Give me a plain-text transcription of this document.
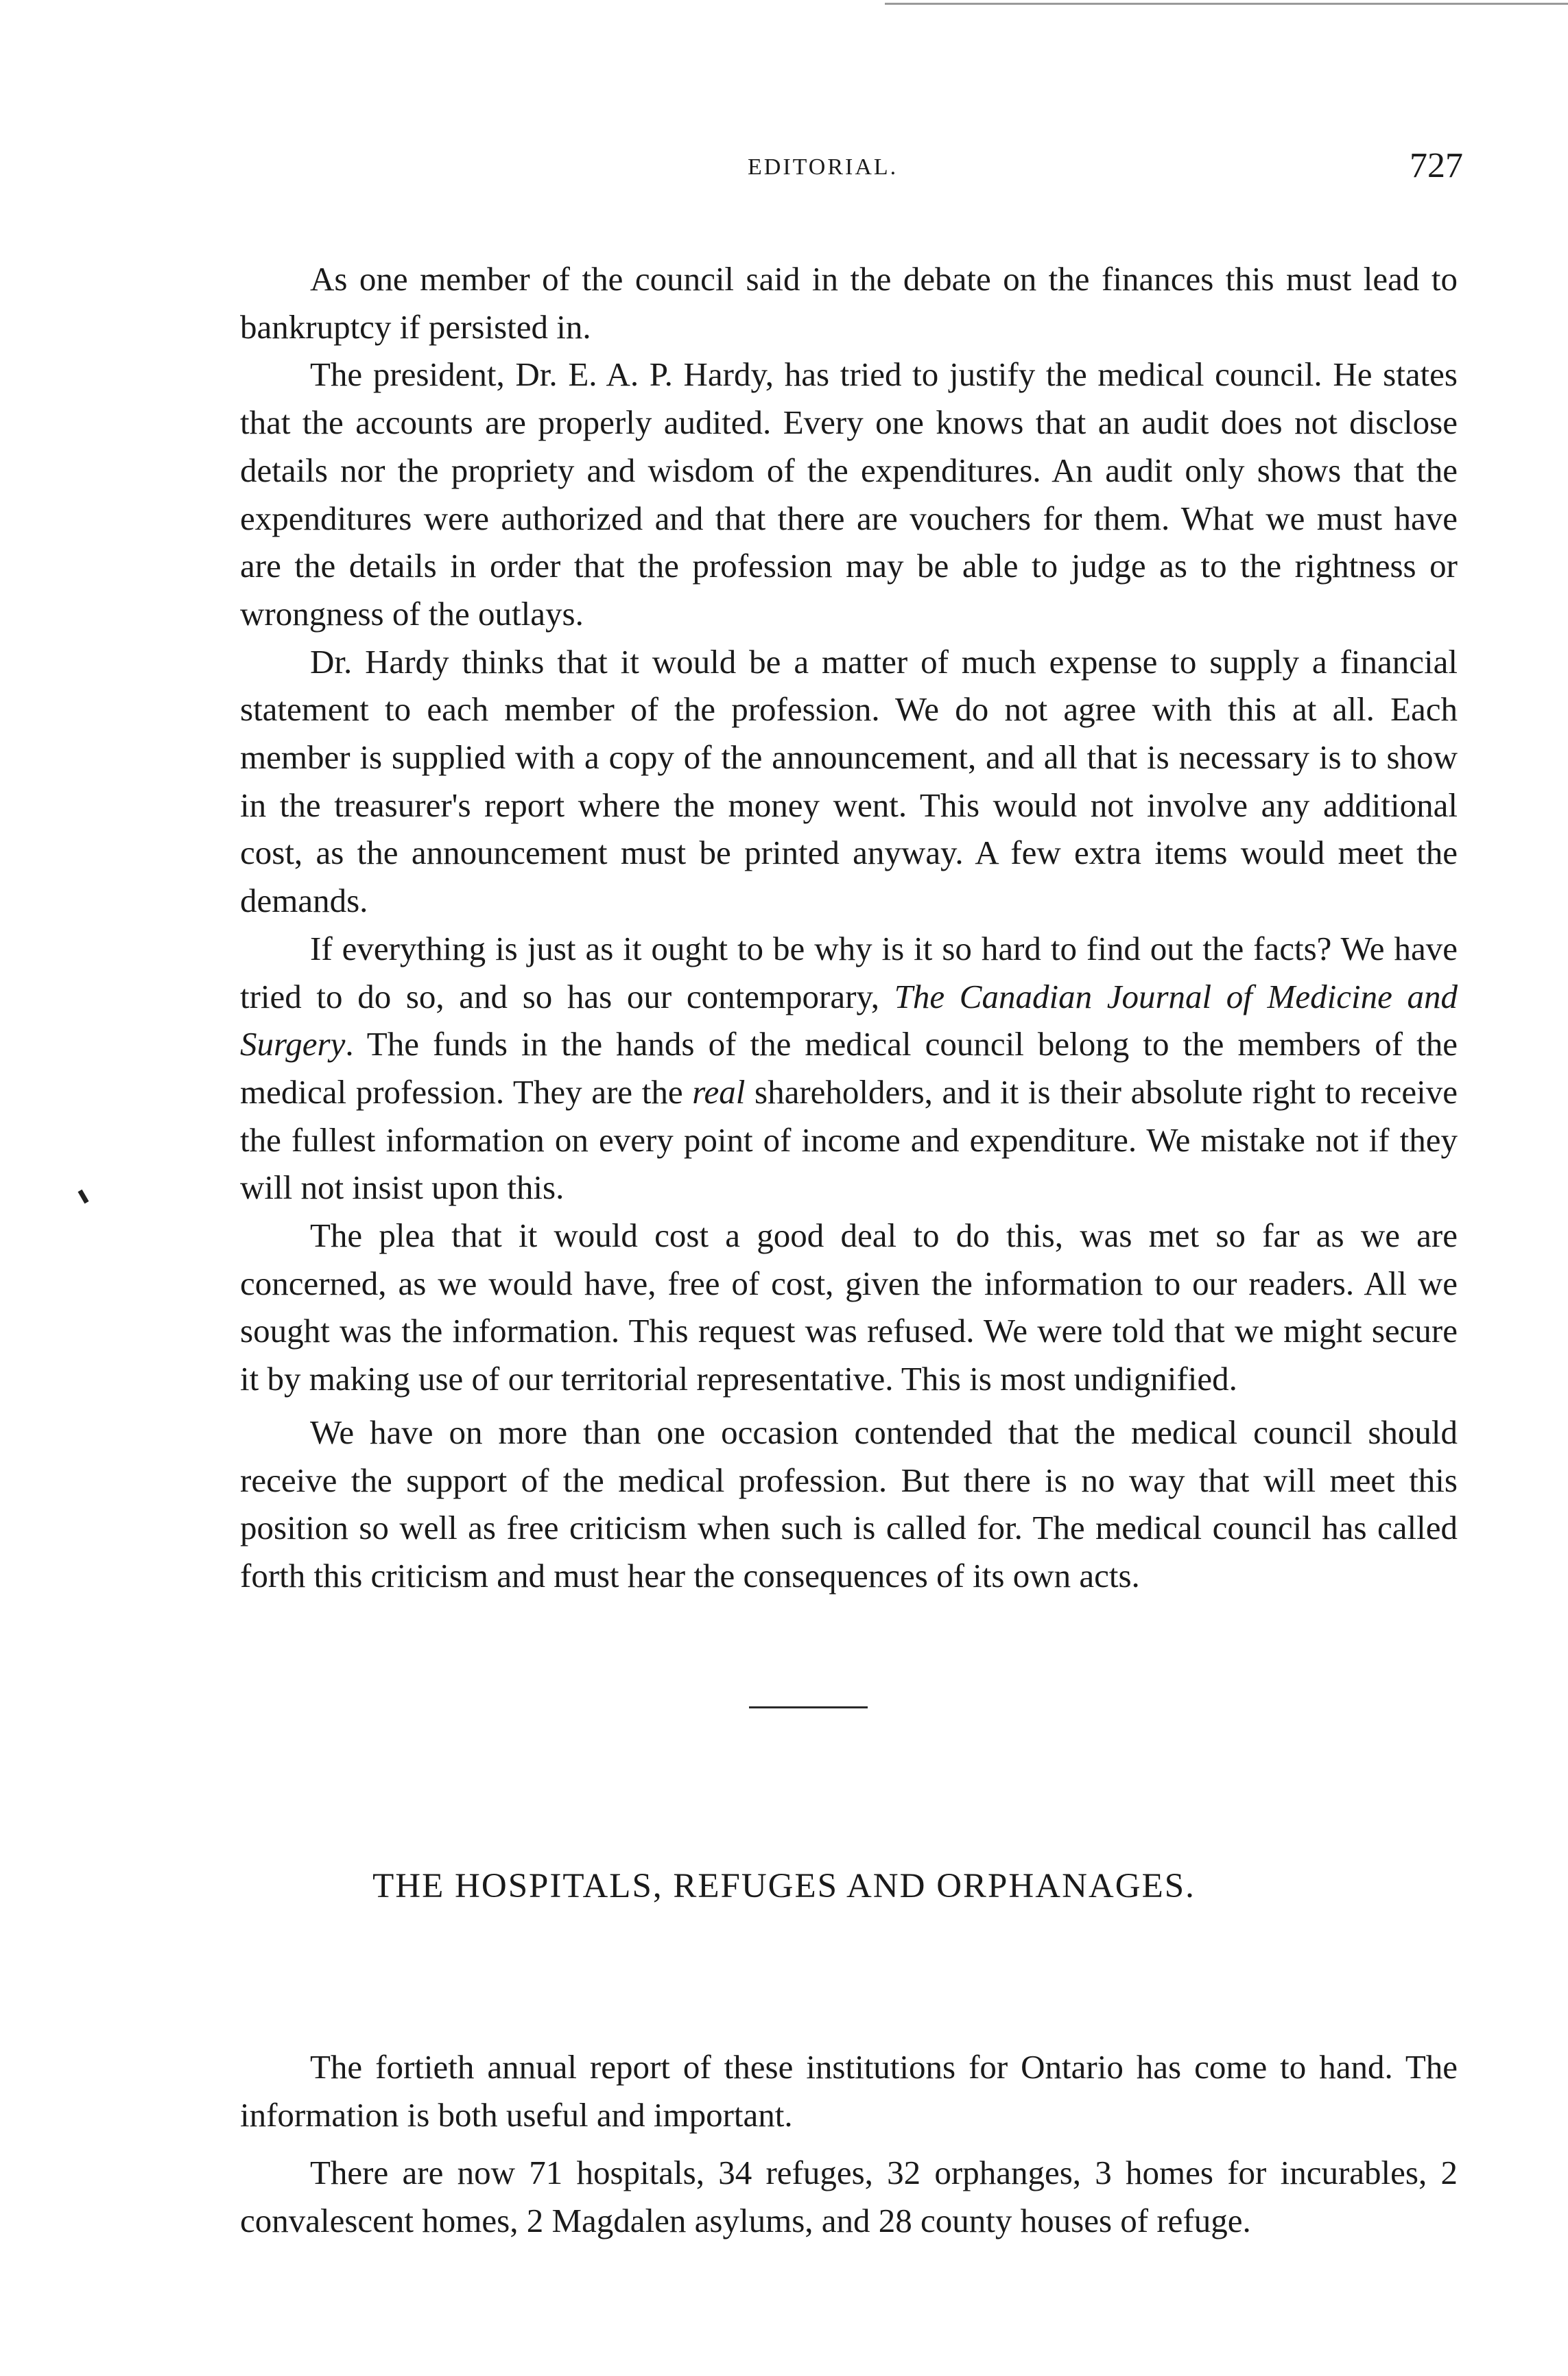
EDITORIAL.	727

As one member of the council said in the debate on the finances this must lead to bankruptcy if persisted in.

The president, Dr. E. A. P. Hardy, has tried to justify the medical council. He states that the accounts are properly audited. Every one knows that an audit does not disclose details nor the propriety and wisdom of the expenditures. An audit only shows that the expenditures were authorized and that there are vouchers for them. What we must have are the details in order that the profession may be able to judge as to the rightness or wrongness of the outlays.

Dr. Hardy thinks that it would be a matter of much expense to supply a financial statement to each member of the profession. We do not agree with this at all. Each member is supplied with a copy of the announcement, and all that is necessary is to show in the treasurer's report where the money went. This would not involve any additional cost, as the announcement must be printed anyway. A few extra items would meet the demands.

If everything is just as it ought to be why is it so hard to find out the facts? We have tried to do so, and so has our contemporary, The Canadian Journal of Medicine and Surgery. The funds in the hands of the medical council belong to the members of the medical profession. They are the real shareholders, and it is their absolute right to receive the fullest information on every point of income and expenditure. We mistake not if they will not insist upon this.

The plea that it would cost a good deal to do this, was met so far as we are concerned, as we would have, free of cost, given the information to our readers. All we sought was the information. This request was refused. We were told that we might secure it by making use of our territorial representative. This is most undignified.

We have on more than one occasion contended that the medical council should receive the support of the medical profession. But there is no way that will meet this position so well as free criticism when such is called for. The medical council has called forth this criticism and must hear the consequences of its own acts.

THE HOSPITALS, REFUGES AND ORPHANAGES.

The fortieth annual report of these institutions for Ontario has come to hand. The information is both useful and important.

There are now 71 hospitals, 34 refuges, 32 orphanges, 3 homes for incurables, 2 convalescent homes, 2 Magdalen asylums, and 28 county houses of refuge.
